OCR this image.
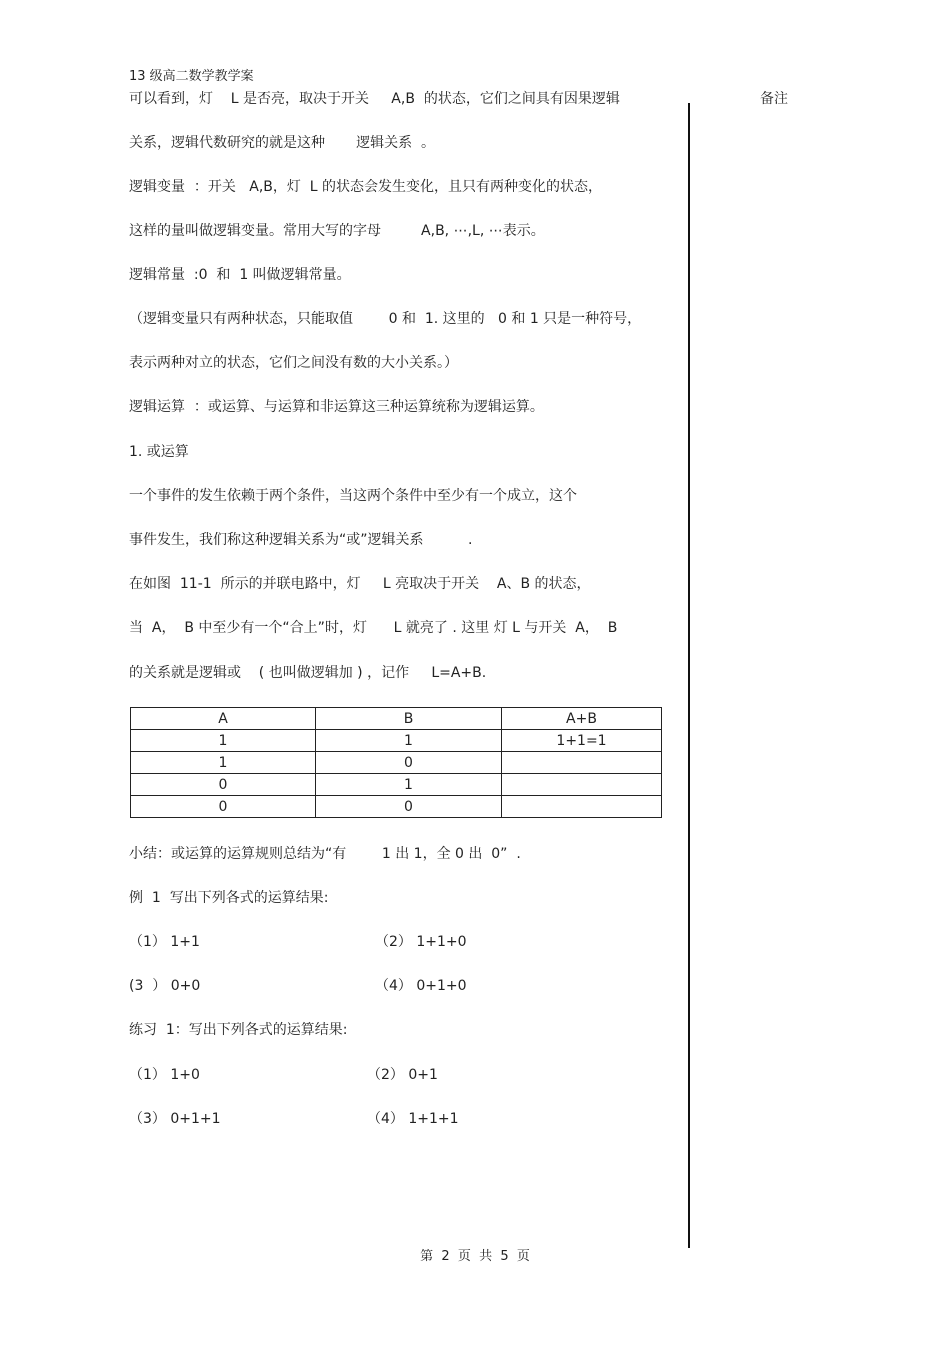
13 级高二数学教学案
备注
可以看到，灯    L 是否亮，取决于开关     A,B  的状态，它们之间具有因果逻辑
关系，逻辑代数研究的就是这种       逻辑关系  。
逻辑变量  ：开关   A,B，灯  L 的状态会发生变化，且只有两种变化的状态，
这样的量叫做逻辑变量。常用大写的字母         A,B, ⋯,L, ⋯表示。
逻辑常量  :0  和  1 叫做逻辑常量。
（逻辑变量只有两种状态，只能取值        0 和  1. 这里的   0 和 1 只是一种符号，
表示两种对立的状态，它们之间没有数的大小关系。）
逻辑运算  ：或运算、与运算和非运算这三种运算统称为逻辑运算。
1. 或运算
一个事件的发生依赖于两个条件，当这两个条件中至少有一个成立，这个
事件发生，我们称这种逻辑关系为“或”逻辑关系          .
在如图  11-1  所示的并联电路中，灯     L 亮取决于开关    A、B 的状态，
当  A，  B 中至少有一个“合上”时，灯      L 就亮了 . 这里 灯 L 与开关  A，  B
的关系就是逻辑或    ( 也叫做逻辑加 ) ，记作     L=A+B.
A	B	A+B
1	1	1+1=1
1	0	
0	1	
0	0	
小结：或运算的运算规则总结为“有        1 出 1，全 0 出  0”  .
例  1  写出下列各式的运算结果:
（1） 1+1	（2） 1+1+0
(3  ） 0+0	（4） 0+1+0
练习  1：写出下列各式的运算结果:
（1） 1+0	（2） 0+1
（3） 0+1+1	（4） 1+1+1
第  2  页  共  5  页
